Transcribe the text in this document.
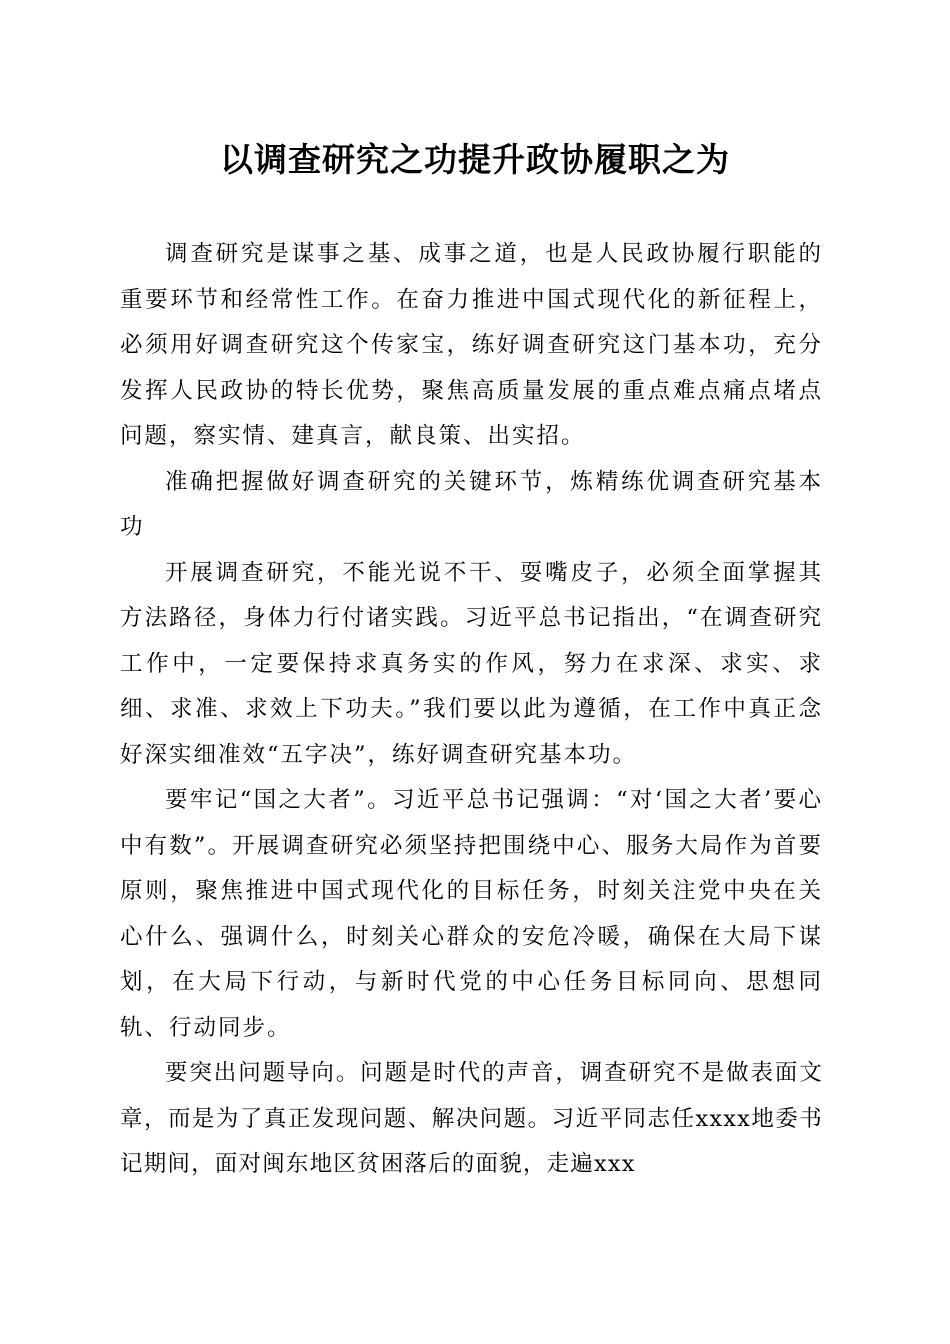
以调查研究之功提升政协履职之为

调查研究是谋事之基、成事之道，也是人民政协履行职能的重要环节和经常性工作。在奋力推进中国式现代化的新征程上，必须用好调查研究这个传家宝，练好调查研究这门基本功，充分发挥人民政协的特长优势，聚焦高质量发展的重点难点痛点堵点问题，察实情、建真言，献良策、出实招。

准确把握做好调查研究的关键环节，炼精练优调查研究基本功

开展调查研究，不能光说不干、耍嘴皮子，必须全面掌握其方法路径，身体力行付诸实践。习近平总书记指出，“在调查研究工作中，一定要保持求真务实的作风，努力在求深、求实、求细、求准、求效上下功夫。”我们要以此为遵循，在工作中真正念好深实细准效“五字决”，练好调查研究基本功。

要牢记“国之大者”。习近平总书记强调：“对‘国之大者’要心中有数”。开展调查研究必须坚持把围绕中心、服务大局作为首要原则，聚焦推进中国式现代化的目标任务，时刻关注党中央在关心什么、强调什么，时刻关心群众的安危冷暖，确保在大局下谋划，在大局下行动，与新时代党的中心任务目标同向、思想同轨、行动同步。

要突出问题导向。问题是时代的声音，调查研究不是做表面文章，而是为了真正发现问题、解决问题。习近平同志任xxxx地委书记期间，面对闽东地区贫困落后的面貌，走遍xxx
